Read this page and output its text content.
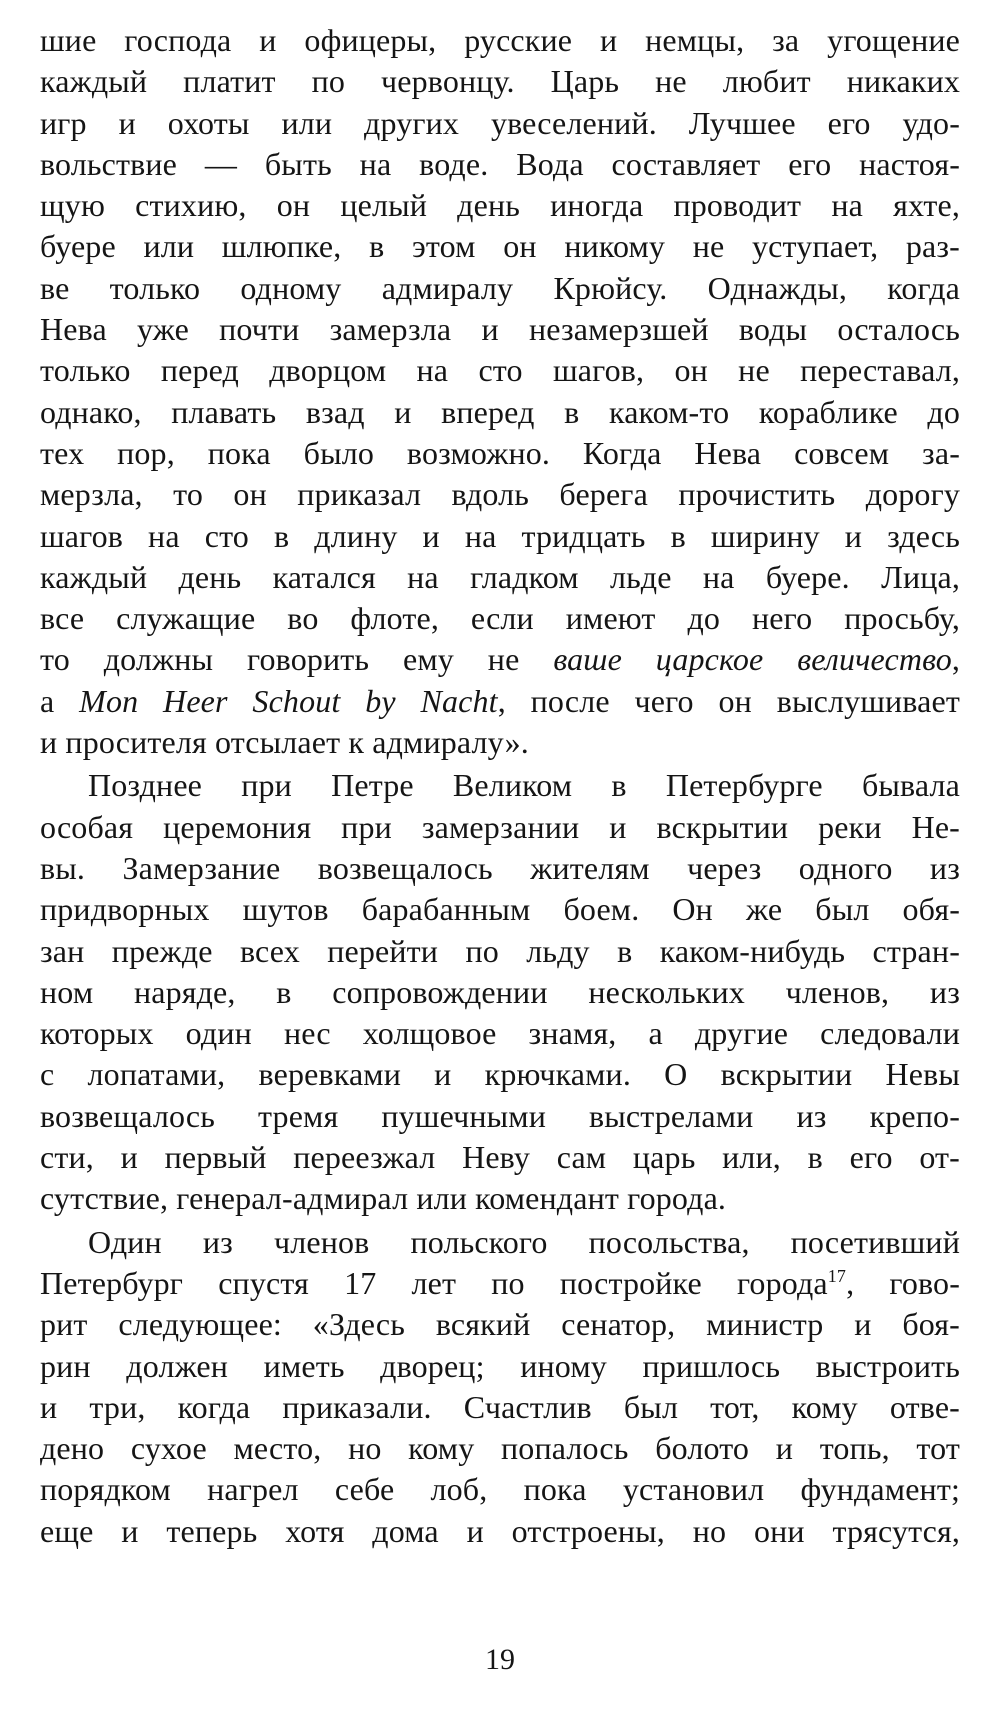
шие господа и офицеры, русские и немцы, за угощение
каждый платит по червонцу. Царь не любит никаких
игр и охоты или других увеселений. Лучшее его удо-
вольствие — быть на воде. Вода составляет его настоя-
щую стихию, он целый день иногда проводит на яхте,
буере или шлюпке, в этом он никому не уступает, раз-
ве только одному адмиралу Крюйсу. Однажды, когда
Нева уже почти замерзла и незамерзшей воды осталось
только перед дворцом на сто шагов, он не переставал,
однако, плавать взад и вперед в каком-то кораблике до
тех пор, пока было возможно. Когда Нева совсем за-
мерзла, то он приказал вдоль берега прочистить дорогу
шагов на сто в длину и на тридцать в ширину и здесь
каждый день катался на гладком льде на буере. Лица,
все служащие во флоте, если имеют до него просьбу,
то должны говорить ему не ваше царское величество,
а Mon Heer Schout by Nacht, после чего он выслушивает
и просителя отсылает к адмиралу».
Позднее при Петре Великом в Петербурге бывала
особая церемония при замерзании и вскрытии реки Не-
вы. Замерзание возвещалось жителям через одного из
придворных шутов барабанным боем. Он же был обя-
зан прежде всех перейти по льду в каком-нибудь стран-
ном наряде, в сопровождении нескольких членов, из
которых один нес холщовое знамя, а другие следовали
с лопатами, веревками и крючками. О вскрытии Невы
возвещалось тремя пушечными выстрелами из крепо-
сти, и первый переезжал Неву сам царь или, в его от-
сутствие, генерал-адмирал или комендант города.
Один из членов польского посольства, посетивший
Петербург спустя 17 лет по постройке города$^{17}$, гово-
рит следующее: «Здесь всякий сенатор, министр и боя-
рин должен иметь дворец; иному пришлось выстроить
и три, когда приказали. Счастлив был тот, кому отве-
дено сухое место, но кому попалось болото и топь, тот
порядком нагрел себе лоб, пока установил фундамент;
еще и теперь хотя дома и отстроены, но они трясутся,
19
